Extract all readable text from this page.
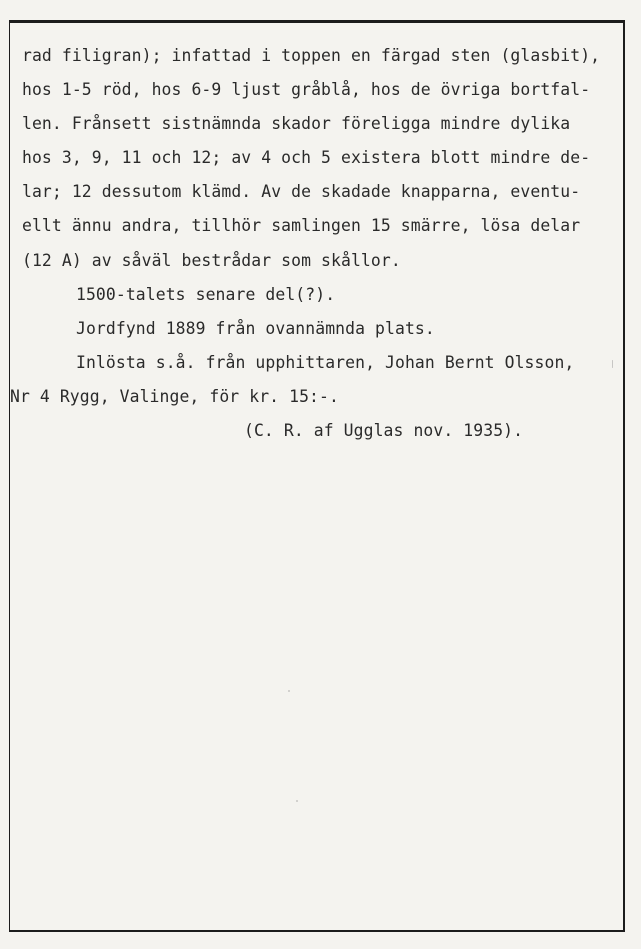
rad filigran); infattad i toppen en färgad sten (glasbit),
hos 1-5 röd, hos 6-9 ljust gråblå, hos de övriga bortfal-
len. Frånsett sistnämnda skador föreligga mindre dylika
hos 3, 9, 11 och 12; av 4 och 5 existera blott mindre de-
lar; 12 dessutom klämd. Av de skadade knapparna, eventu-
ellt ännu andra, tillhör samlingen 15 smärre, lösa delar
(12 A) av såväl bestrådar som skållor.
1500-talets senare del(?).
Jordfynd 1889 från ovannämnda plats.
Inlösta s.å. från upphittaren, Johan Bernt Olsson,
Nr 4 Rygg, Valinge, för kr. 15:-.
(C. R. af Ugglas nov. 1935).
